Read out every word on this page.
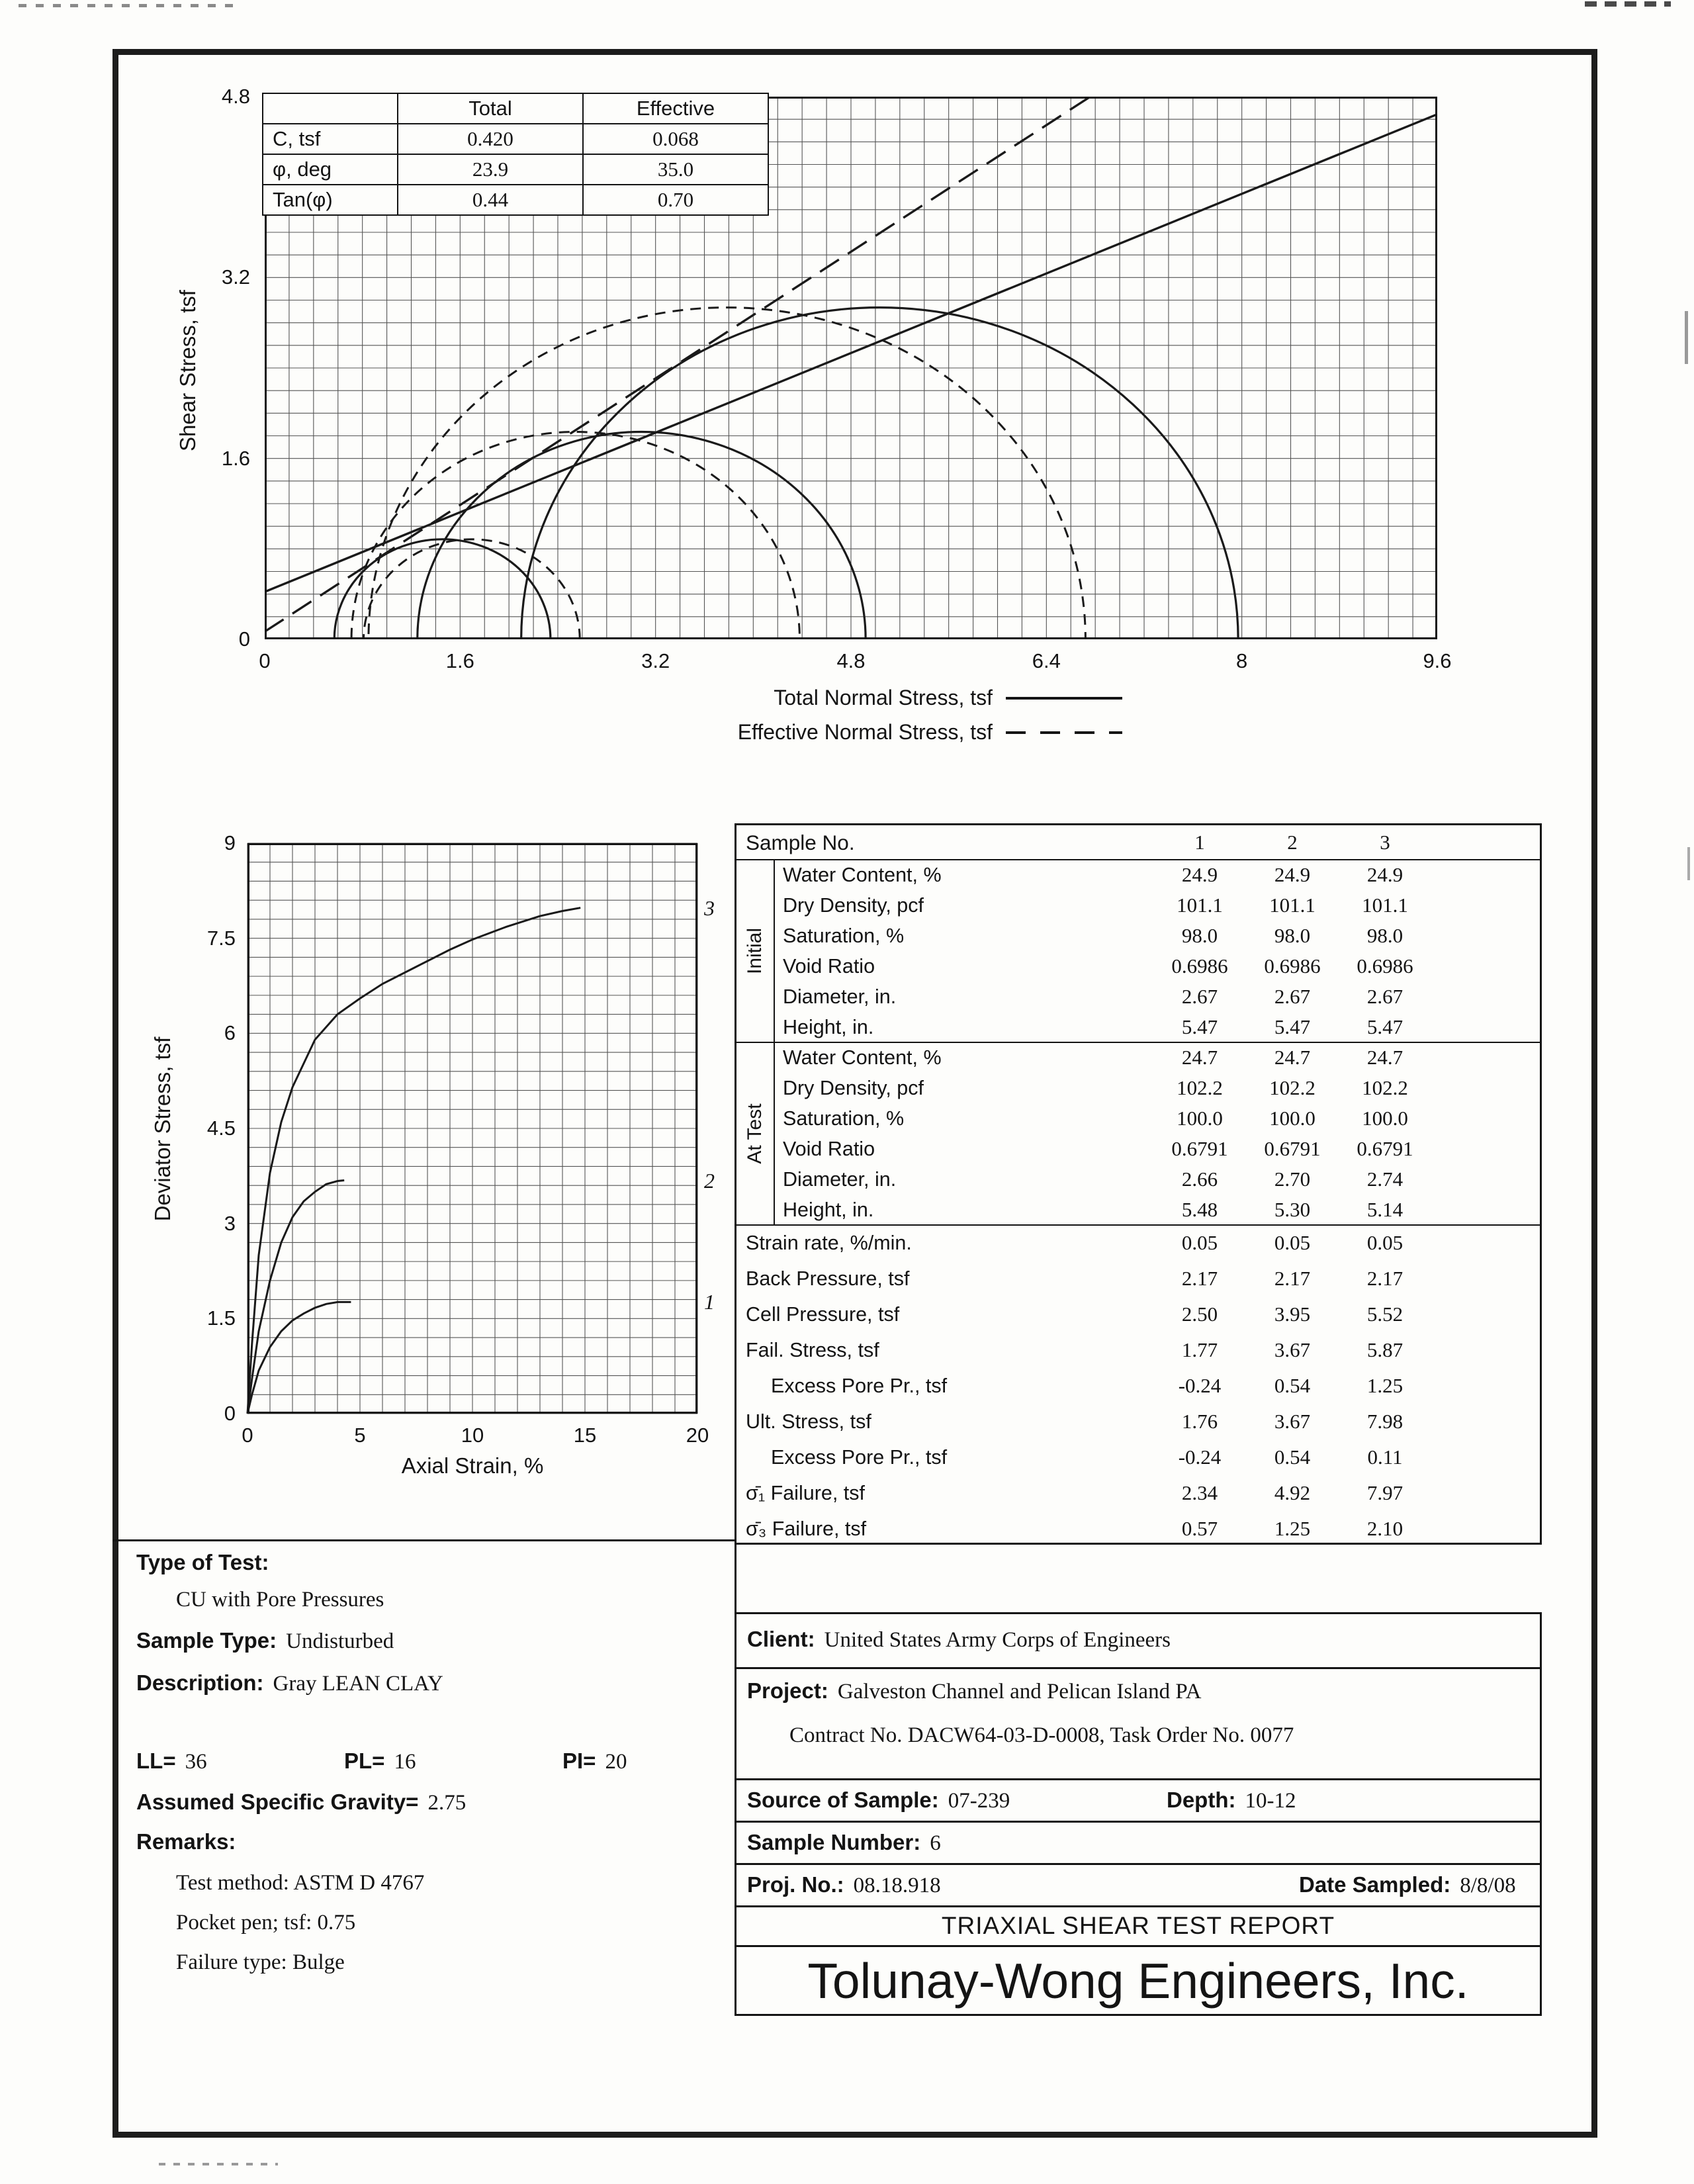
Shear Stress, tsf
	Total	Effective
C, tsf	0.420	0.068
φ, deg	23.9	35.0
Tan(φ)	0.44	0.70
Total Normal Stress, tsf
Effective Normal Stress, tsf
Deviator Stress, tsf
Axial Strain, %
Sample No.	1	2	3
Water Content, %	24.9	24.9	24.9
Dry Density, pcf	101.1	101.1	101.1
Saturation, %	98.0	98.0	98.0
Void Ratio	0.6986	0.6986	0.6986
Diameter, in.	2.67	2.67	2.67
Height, in.	5.47	5.47	5.47
Initial
Water Content, %	24.7	24.7	24.7
Dry Density, pcf	102.2	102.2	102.2
Saturation, %	100.0	100.0	100.0
Void Ratio	0.6791	0.6791	0.6791
Diameter, in.	2.66	2.70	2.74
Height, in.	5.48	5.30	5.14
At Test
Strain rate, %/min.	0.05	0.05	0.05
Back Pressure, tsf	2.17	2.17	2.17
Cell Pressure, tsf	2.50	3.95	5.52
Fail. Stress, tsf	1.77	3.67	5.87
Excess Pore Pr., tsf	-0.24	0.54	1.25
Ult. Stress, tsf	1.76	3.67	7.98
Excess Pore Pr., tsf	-0.24	0.54	0.11
σ̄₁ Failure, tsf	2.34	4.92	7.97
σ̄₃ Failure, tsf	0.57	1.25	2.10
Type of Test:
CU with Pore Pressures
Sample Type: Undisturbed
Description: Gray LEAN CLAY
LL= 36	PL= 16	PI= 20
Assumed Specific Gravity= 2.75
Remarks:
Test method: ASTM D 4767
Pocket pen; tsf: 0.75
Failure type: Bulge
Client: United States Army Corps of Engineers
Project: Galveston Channel and Pelican Island PA
Contract No. DACW64-03-D-0008, Task Order No. 0077
Source of Sample: 07-239	Depth: 10-12
Sample Number: 6
Proj. No.: 08.18.918	Date Sampled: 8/8/08
TRIAXIAL SHEAR TEST REPORT
Tolunay-Wong Engineers, Inc.
0	1.6	3.2	4.8	6.4	8	9.6
0
1.6
3.2
4.8
1
2
3
0	5	10	15	20
0
1.5
3
4.5
6
7.5
9
